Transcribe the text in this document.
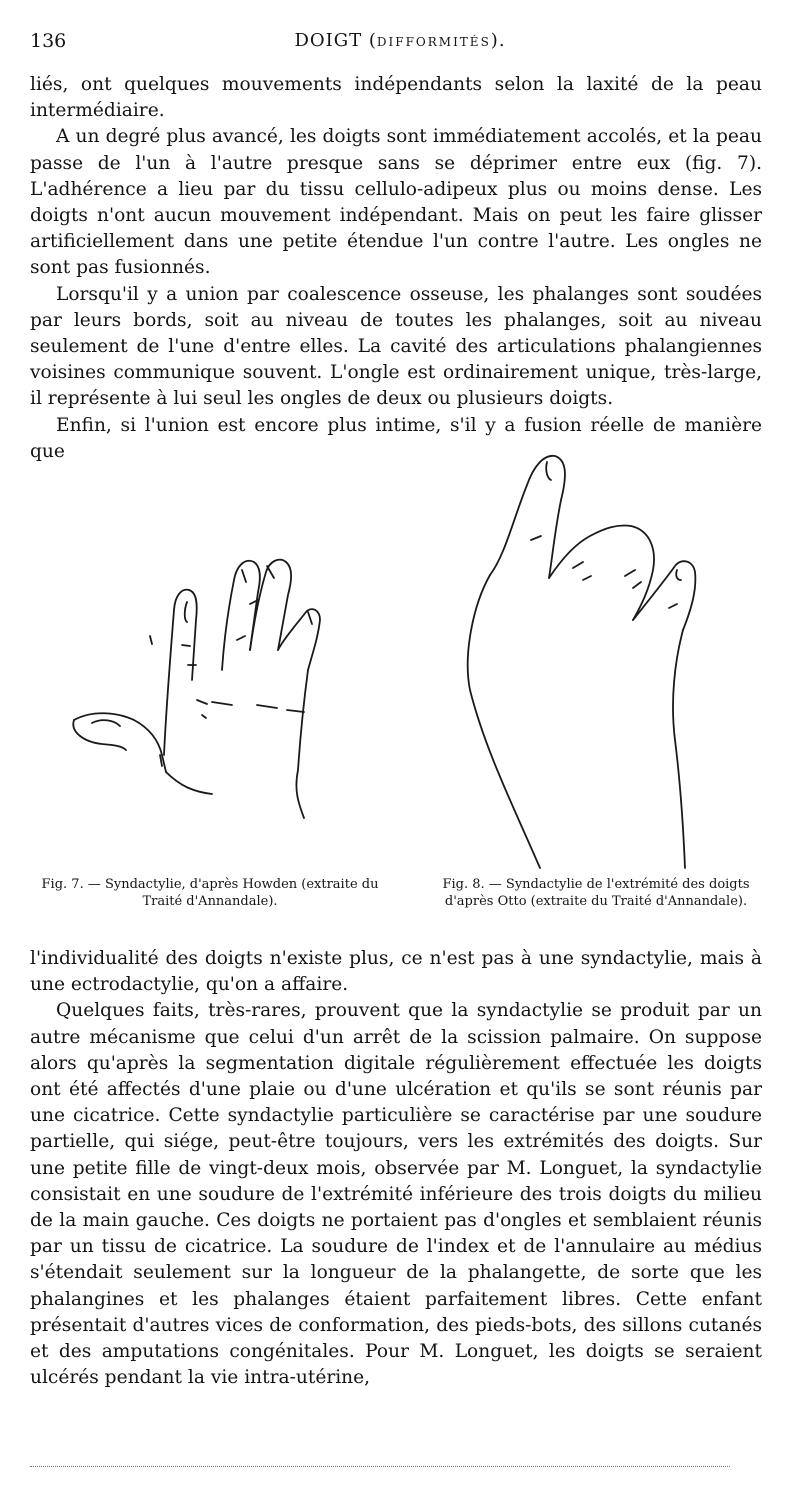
136	DOIGT (DIFFORMITÉS).

liés, ont quelques mouvements indépendants selon la laxité de la peau intermédiaire.

A un degré plus avancé, les doigts sont immédiatement accolés, et la peau passe de l'un à l'autre presque sans se déprimer entre eux (fig. 7). L'adhérence a lieu par du tissu cellulo-adipeux plus ou moins dense. Les doigts n'ont aucun mouvement indépendant. Mais on peut les faire glisser artificiellement dans une petite étendue l'un contre l'autre. Les ongles ne sont pas fusionnés.

Lorsqu'il y a union par coalescence osseuse, les phalanges sont soudées par leurs bords, soit au niveau de toutes les phalanges, soit au niveau seulement de l'une d'entre elles. La cavité des articulations phalangiennes voisines communique souvent. L'ongle est ordinairement unique, très-large, il représente à lui seul les ongles de deux ou plusieurs doigts.

Enfin, si l'union est encore plus intime, s'il y a fusion réelle de manière que

Fig. 7. — Syndactylie, d'après Howden (extraite du
Traité d'Annandale).
Fig. 8. — Syndactylie de l'extrémité des doigts
d'après Otto (extraite du Traité d'Annandale).

l'individualité des doigts n'existe plus, ce n'est pas à une syndactylie, mais à une ectrodactylie, qu'on a affaire.

Quelques faits, très-rares, prouvent que la syndactylie se produit par un autre mécanisme que celui d'un arrêt de la scission palmaire. On suppose alors qu'après la segmentation digitale régulièrement effectuée les doigts ont été affectés d'une plaie ou d'une ulcération et qu'ils se sont réunis par une cicatrice. Cette syndactylie particulière se caractérise par une soudure partielle, qui siége, peut-être toujours, vers les extrémités des doigts. Sur une petite fille de vingt-deux mois, observée par M. Longuet, la syndactylie consistait en une soudure de l'extrémité inférieure des trois doigts du milieu de la main gauche. Ces doigts ne portaient pas d'ongles et semblaient réunis par un tissu de cicatrice. La soudure de l'index et de l'annulaire au médius s'étendait seulement sur la longueur de la phalangette, de sorte que les phalangines et les phalanges étaient parfaitement libres. Cette enfant présentait d'autres vices de conformation, des pieds-bots, des sillons cutanés et des amputations congénitales. Pour M. Longuet, les doigts se seraient ulcérés pendant la vie intra-utérine,
